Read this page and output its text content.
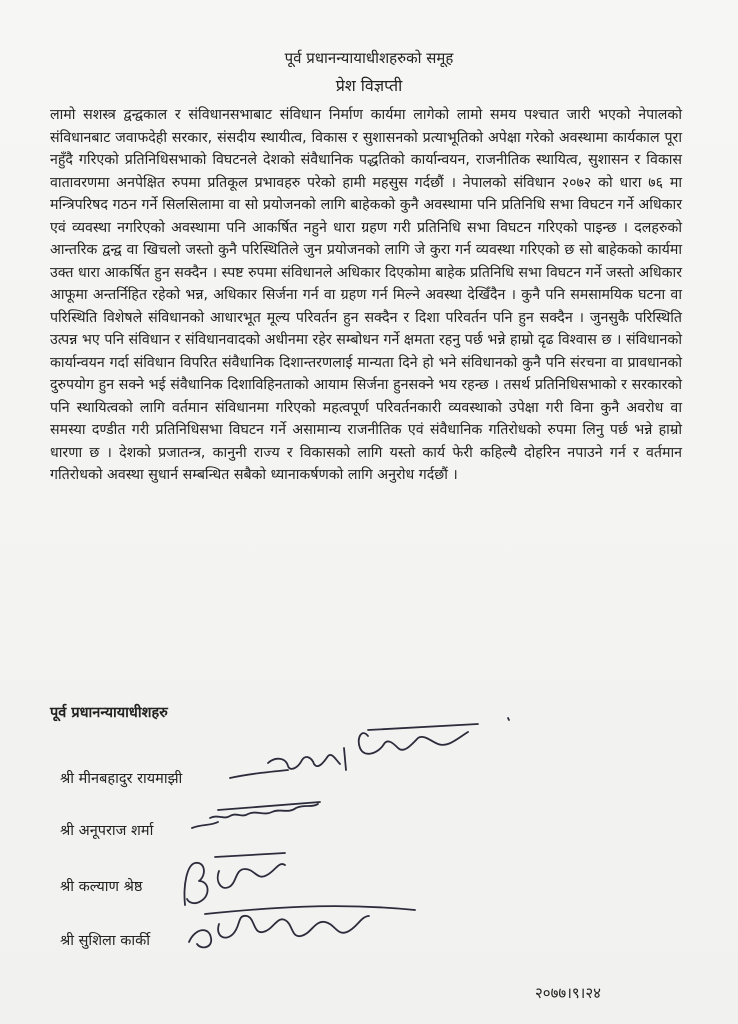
पूर्व प्रधानन्यायाधीशहरुको समूह
प्रेश विज्ञप्ती

लामो सशस्त्र द्वन्द्वकाल र संविधानसभाबाट संविधान निर्माण कार्यमा लागेको लामो समय पश्चात जारी भएको नेपालको संविधानबाट जवाफदेही सरकार, संसदीय स्थायीत्व, विकास र सुशासनको प्रत्याभूतिको अपेक्षा गरेको अवस्थामा कार्यकाल पूरा नहुँदै गरिएको प्रतिनिधिसभाको विघटनले देशको संवैधानिक पद्धतिको कार्यान्वयन, राजनीतिक स्थायित्व, सुशासन र विकास वातावरणमा अनपेक्षित रुपमा प्रतिकूल प्रभावहरु परेको हामी महसुस गर्दछौं । नेपालको संविधान २०७२ को धारा ७६ मा मन्त्रिपरिषद गठन गर्ने सिलसिलामा वा सो प्रयोजनको लागि बाहेकको कुनै अवस्थामा पनि प्रतिनिधि सभा विघटन गर्ने अधिकार एवं व्यवस्था नगरिएको अवस्थामा पनि आकर्षित नहुने धारा ग्रहण गरी प्रतिनिधि सभा विघटन गरिएको पाइन्छ । दलहरुको आन्तरिक द्वन्द्व वा खिचलो जस्तो कुनै परिस्थितिले जुन प्रयोजनको लागि जे कुरा गर्न व्यवस्था गरिएको छ सो बाहेकको कार्यमा उक्त धारा आकर्षित हुन सक्दैन । स्पष्ट रुपमा संविधानले अधिकार दिएकोमा बाहेक प्रतिनिधि सभा विघटन गर्ने जस्तो अधिकार आफूमा अन्तर्निहित रहेको भन्न, अधिकार सिर्जना गर्न वा ग्रहण गर्न मिल्ने अवस्था देखिँदैन । कुनै पनि समसामयिक घटना वा परिस्थिति विशेषले संविधानको आधारभूत मूल्य परिवर्तन हुन सक्दैन र दिशा परिवर्तन पनि हुन सक्दैन । जुनसुकै परिस्थिति उत्पन्न भए पनि संविधान र संविधानवादको अधीनमा रहेर सम्बोधन गर्ने क्षमता रहनु पर्छ भन्ने हाम्रो दृढ विश्वास छ । संविधानको कार्यान्वयन गर्दा संविधान विपरित संवैधानिक दिशान्तरणलाई मान्यता दिने हो भने संविधानको कुनै पनि संरचना वा प्रावधानको दुरुपयोग हुन सक्ने भई संवैधानिक दिशाविहिनताको आयाम सिर्जना हुनसक्ने भय रहन्छ । तसर्थ प्रतिनिधिसभाको र सरकारको पनि स्थायित्वको लागि वर्तमान संविधानमा गरिएको महत्वपूर्ण परिवर्तनकारी व्यवस्थाको उपेक्षा गरी विना कुनै अवरोध वा समस्या दण्डीत गरी प्रतिनिधिसभा विघटन गर्ने असामान्य राजनीतिक एवं संवैधानिक गतिरोधको रुपमा लिनु पर्छ भन्ने हाम्रो धारणा छ । देशको प्रजातन्त्र, कानुनी राज्य र विकासको लागि यस्तो कार्य फेरी कहिल्यै दोहरिन नपाउने गर्न र वर्तमान गतिरोधको अवस्था सुधार्न सम्बन्धित सबैको ध्यानाकर्षणको लागि अनुरोध गर्दछौं ।

पूर्व प्रधानन्यायाधीशहरु
श्री मीनबहादुर रायमाझी
श्री अनूपराज शर्मा
श्री कल्याण श्रेष्ठ
श्री सुशिला कार्की
२०७७।९।२४
